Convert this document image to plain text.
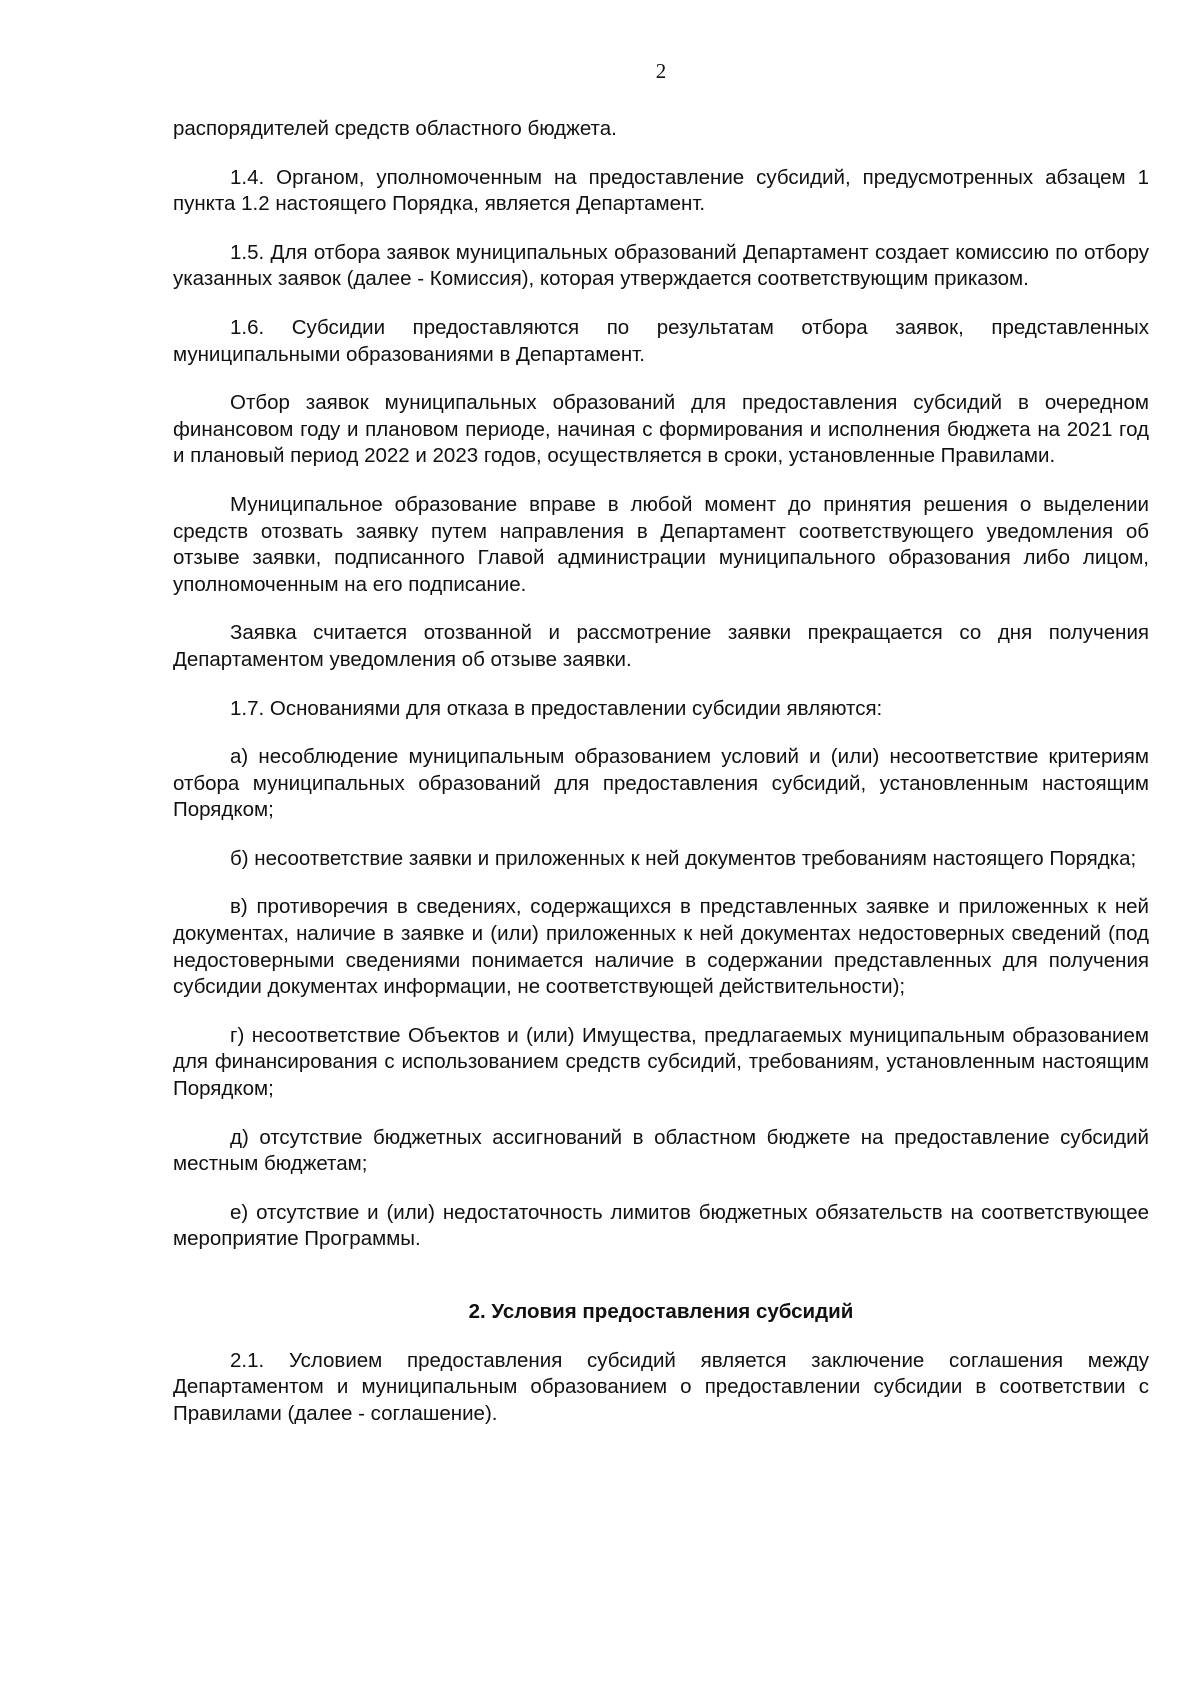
2

распорядителей средств областного бюджета.

1.4. Органом, уполномоченным на предоставление субсидий, предусмотренных абзацем 1 пункта 1.2 настоящего Порядка, является Департамент.

1.5. Для отбора заявок муниципальных образований Департамент создает комиссию по отбору указанных заявок (далее - Комиссия), которая утверждается соответствующим приказом.

1.6. Субсидии предоставляются по результатам отбора заявок, представленных муниципальными образованиями в Департамент.

Отбор заявок муниципальных образований для предоставления субсидий в очередном финансовом году и плановом периоде, начиная с формирования и исполнения бюджета на 2021 год и плановый период 2022 и 2023 годов, осуществляется в сроки, установленные Правилами.

Муниципальное образование вправе в любой момент до принятия решения о выделении средств отозвать заявку путем направления в Департамент соответствующего уведомления об отзыве заявки, подписанного Главой администрации муниципального образования либо лицом, уполномоченным на его подписание.

Заявка считается отозванной и рассмотрение заявки прекращается со дня получения Департаментом уведомления об отзыве заявки.

1.7. Основаниями для отказа в предоставлении субсидии являются:

а) несоблюдение муниципальным образованием условий и (или) несоответствие критериям отбора муниципальных образований для предоставления субсидий, установленным настоящим Порядком;

б) несоответствие заявки и приложенных к ней документов требованиям настоящего Порядка;

в) противоречия в сведениях, содержащихся в представленных заявке и приложенных к ней документах, наличие в заявке и (или) приложенных к ней документах недостоверных сведений (под недостоверными сведениями понимается наличие в содержании представленных для получения субсидии документах информации, не соответствующей действительности);

г) несоответствие Объектов и (или) Имущества, предлагаемых муниципальным образованием для финансирования с использованием средств субсидий, требованиям, установленным настоящим Порядком;

д) отсутствие бюджетных ассигнований в областном бюджете на предоставление субсидий местным бюджетам;

е) отсутствие и (или) недостаточность лимитов бюджетных обязательств на соответствующее мероприятие Программы.

2. Условия предоставления субсидий

2.1. Условием предоставления субсидий является заключение соглашения между Департаментом и муниципальным образованием о предоставлении субсидии в соответствии с Правилами (далее - соглашение).
